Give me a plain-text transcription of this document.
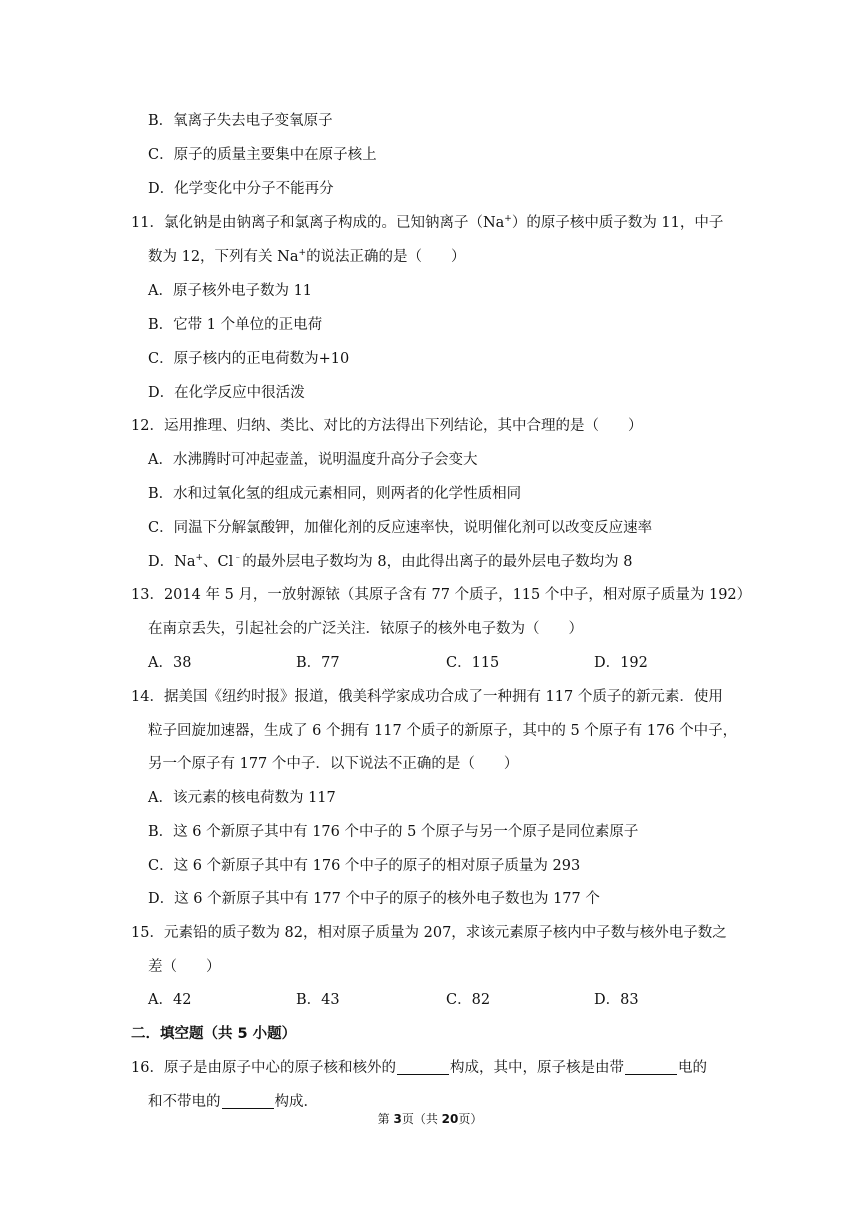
B．氧离子失去电子变氧原子
C．原子的质量主要集中在原子核上
D．化学变化中分子不能再分
11．氯化钠是由钠离子和氯离子构成的。已知钠离子（Na+）的原子核中质子数为 11，中子
数为 12，下列有关 Na+的说法正确的是（　　）
A．原子核外电子数为 11
B．它带 1 个单位的正电荷
C．原子核内的正电荷数为+10
D．在化学反应中很活泼
12．运用推理、归纳、类比、对比的方法得出下列结论，其中合理的是（　　）
A．水沸腾时可冲起壶盖，说明温度升高分子会变大
B．水和过氧化氢的组成元素相同，则两者的化学性质相同
C．同温下分解氯酸钾，加催化剂的反应速率快，说明催化剂可以改变反应速率
D．Na+、Cl﹣的最外层电子数均为 8，由此得出离子的最外层电子数均为 8
13．2014 年 5 月，一放射源铱（其原子含有 77 个质子，115 个中子，相对原子质量为 192）
在南京丢失，引起社会的广泛关注．铱原子的核外电子数为（　　）
A．38	B．77	C．115	D．192
14．据美国《纽约时报》报道，俄美科学家成功合成了一种拥有 117 个质子的新元素．使用
粒子回旋加速器，生成了 6 个拥有 117 个质子的新原子，其中的 5 个原子有 176 个中子，
另一个原子有 177 个中子．以下说法不正确的是（　　）
A．该元素的核电荷数为 117
B．这 6 个新原子其中有 176 个中子的 5 个原子与另一个原子是同位素原子
C．这 6 个新原子其中有 176 个中子的原子的相对原子质量为 293
D．这 6 个新原子其中有 177 个中子的原子的核外电子数也为 177 个
15．元素铅的质子数为 82，相对原子质量为 207，求该元素原子核内中子数与核外电子数之
差（　　）
A．42	B．43	C．82	D．83
二．填空题（共 5 小题）
16．原子是由原子中心的原子核和核外的	构成，其中，原子核是由带	电的
和不带电的	构成．
第 3页（共 20页）
